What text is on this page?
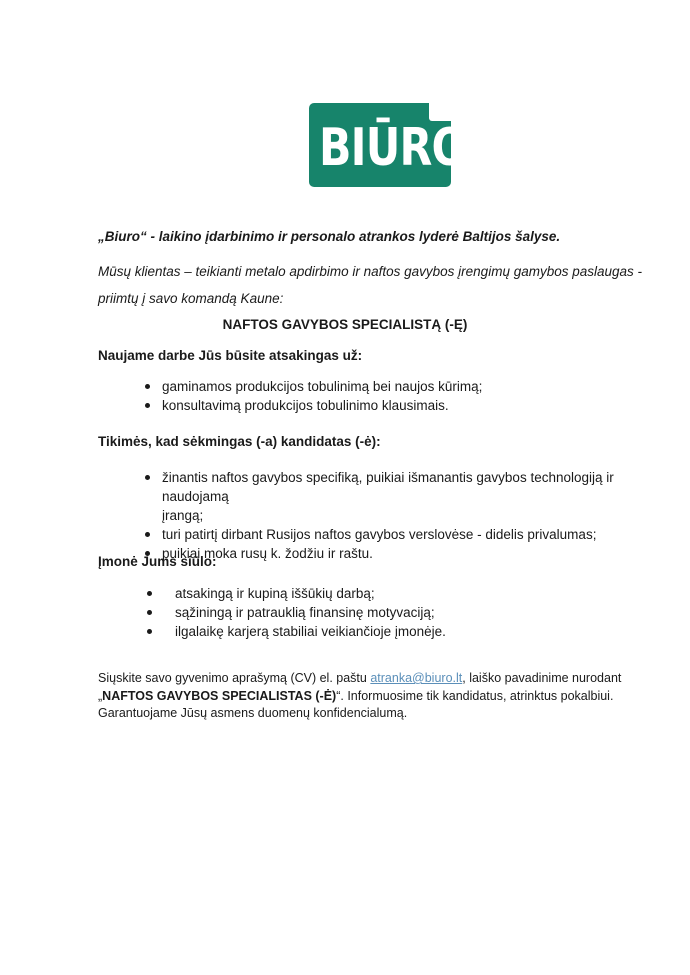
BIŪRO
„Biuro“ - laikino įdarbinimo ir personalo atrankos lyderė Baltijos šalyse.
Mūsų klientas – teikianti metalo apdirbimo ir naftos gavybos įrengimų gamybos paslaugas -
priimtų į savo komandą Kaune:
NAFTOS GAVYBOS SPECIALISTĄ (-Ę)
Naujame darbe Jūs būsite atsakingas už:
gaminamos produkcijos tobulinimą bei naujos kūrimą;
konsultavimą produkcijos tobulinimo klausimais.
Tikimės, kad sėkmingas (-a) kandidatas (-ė):
žinantis naftos gavybos specifiką, puikiai išmanantis gavybos technologiją ir naudojamą
įrangą;
turi patirtį dirbant Rusijos naftos gavybos verslovėse - didelis privalumas;
puikiai moka rusų k. žodžiu ir raštu.
Įmonė Jums siūlo:
atsakingą ir kupiną iššūkių darbą;
sąžiningą ir patrauklią finansinę motyvaciją;
ilgalaikę karjerą stabiliai veikiančioje įmonėje.
Siųskite savo gyvenimo aprašymą (CV) el. paštu atranka@biuro.lt, laiško pavadinime nurodant „NAFTOS GAVYBOS SPECIALISTAS (-Ė)“. Informuosime tik kandidatus, atrinktus pokalbiui. Garantuojame Jūsų asmens duomenų konfidencialumą.
